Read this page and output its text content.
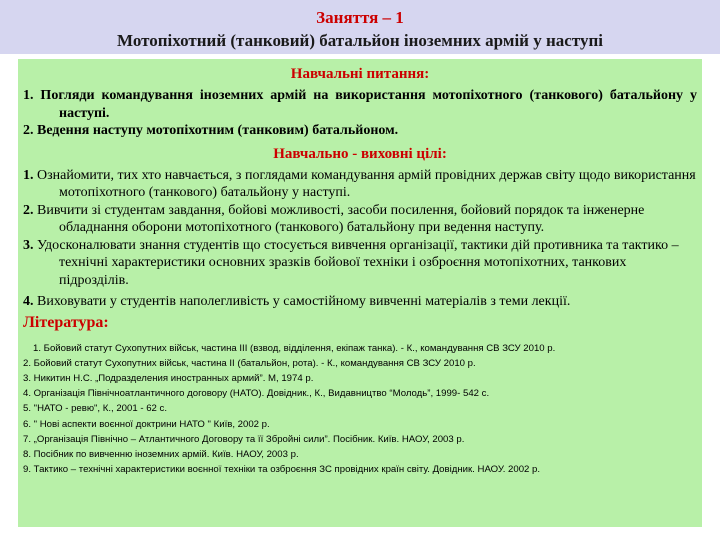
Заняття – 1
Мотопіхотний (танковий) батальйон іноземних армій у наступі
Навчальні питання:

1. Погляди командування іноземних армій на використання мотопіхотного (танкового) батальйону у наступі.

2. Ведення наступу мотопіхотним (танковим) батальйоном.

Навчально - виховні цілі:

1. Ознайомити, тих хто навчається, з поглядами командування армій провідних держав світу щодо використання мотопіхотного (танкового) батальйону у наступі.

2. Вивчити зі студентам завдання, бойові можливості, засоби посилення, бойовий порядок та інженерне обладнання оборони мотопіхотного (танкового) батальйону при ведення наступу.

3. Удосконалювати знання студентів що стосується вивчення організації, тактики дій противника та тактико – технічні характеристики основних зразків бойової техніки і озброєння мотопіхотних, танкових підрозділів.

4. Виховувати у студентів наполегливість у самостійному вивченні матеріалів з теми лекції.

Література:

1. Бойовий статут Сухопутних військ, частина ІІІ (взвод, відділення, екіпаж танка). - К., командування СВ ЗСУ 2010 р.

2. Бойовий статут Сухопутних військ, частина ІІ (батальйон, рота). - К., командування СВ ЗСУ 2010 р.

3. Никитин Н.С. „Подразделения иностранных армий”. М, 1974 р.

4. Організація Північноатлантичного договору (НАТО). Довідник., К., Видавництво “Молодь”, 1999- 542 с.

5. "НАТО - ревю", К., 2001 - 62 с.

6. " Нові аспекти воєнної доктрини НАТО " Київ, 2002 р.

7. „Організація Північно – Атлантичного Договору та її Збройні сили”. Посібник. Київ. НАОУ, 2003 р.

8. Посібник по вивченню іноземних армій. Київ. НАОУ, 2003 р.

9. Тактико – технічні характеристики воєнної техніки та озброєння ЗС провідних країн світу. Довідник. НАОУ. 2002 р.
